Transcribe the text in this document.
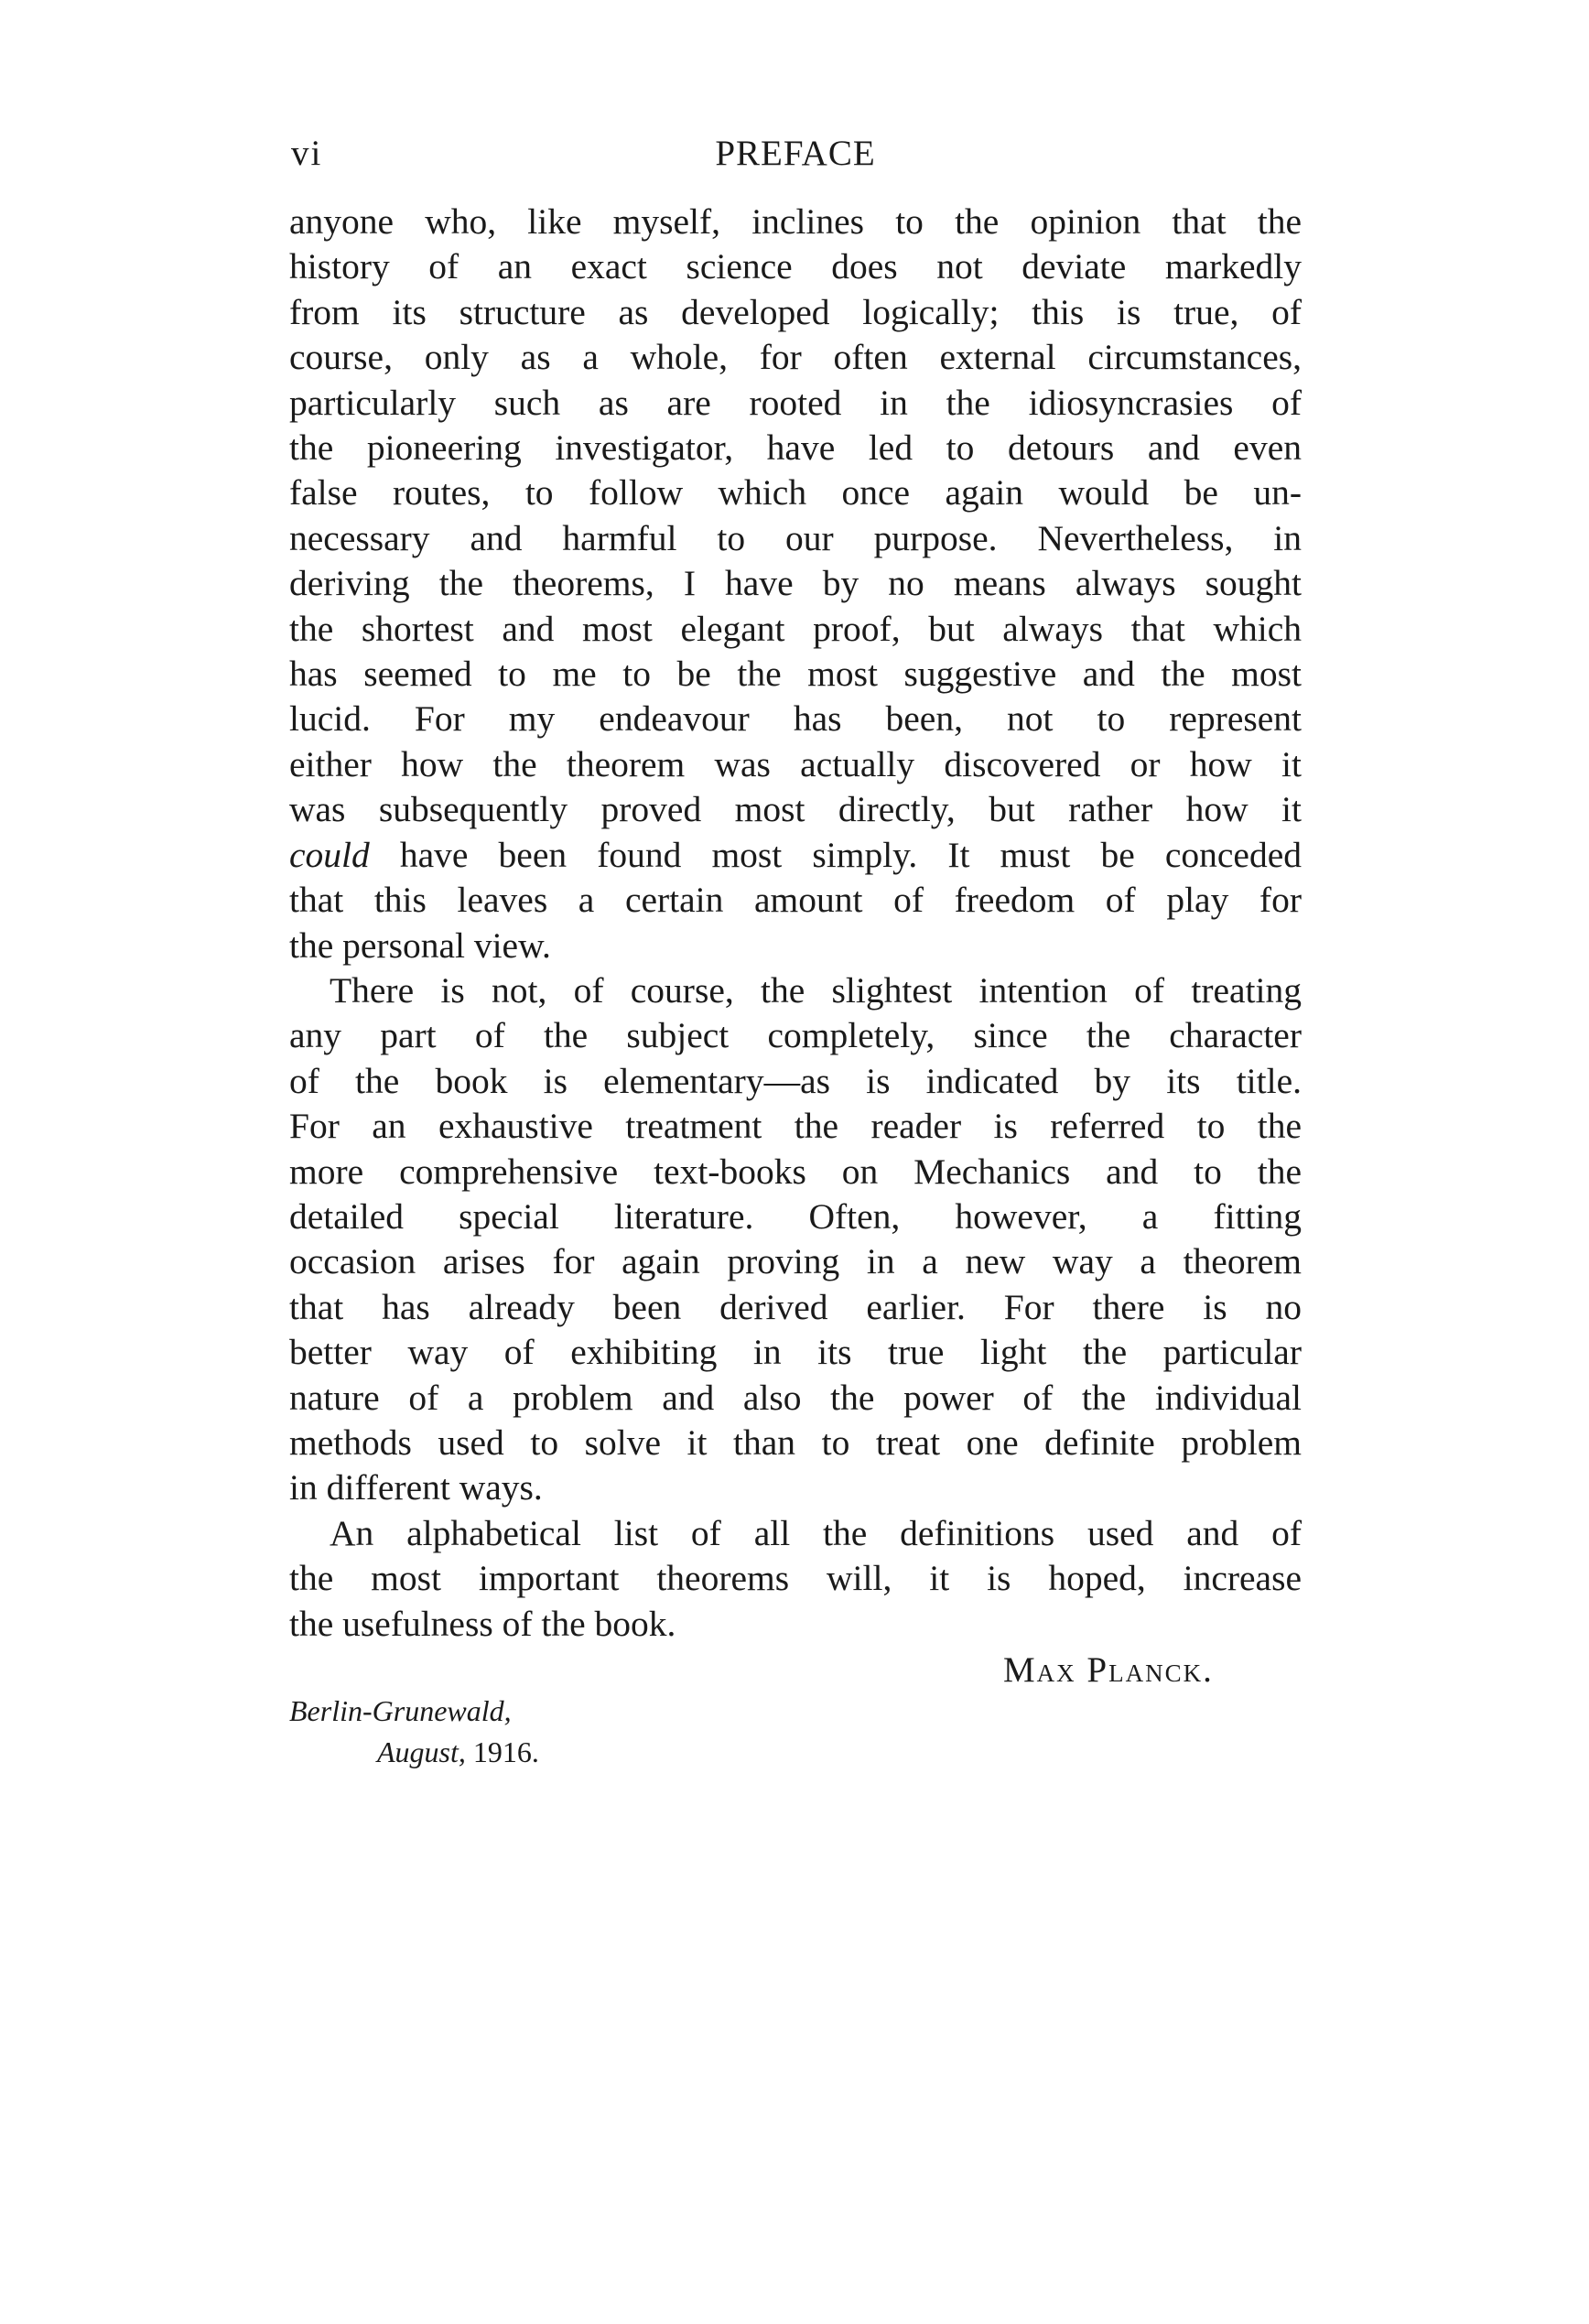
vi	PREFACE

anyone who, like myself, inclines to the opinion that the
history of an exact science does not deviate markedly
from its structure as developed logically; this is true, of
course, only as a whole, for often external circumstances,
particularly such as are rooted in the idiosyncrasies of
the pioneering investigator, have led to detours and even
false routes, to follow which once again would be un-
necessary and harmful to our purpose. Nevertheless, in
deriving the theorems, I have by no means always sought
the shortest and most elegant proof, but always that which
has seemed to me to be the most suggestive and the most
lucid. For my endeavour has been, not to represent
either how the theorem was actually discovered or how it
was subsequently proved most directly, but rather how it
could have been found most simply. It must be conceded
that this leaves a certain amount of freedom of play for
the personal view.

There is not, of course, the slightest intention of treating
any part of the subject completely, since the character
of the book is elementary—as is indicated by its title.
For an exhaustive treatment the reader is referred to the
more comprehensive text-books on Mechanics and to the
detailed special literature. Often, however, a fitting
occasion arises for again proving in a new way a theorem
that has already been derived earlier. For there is no
better way of exhibiting in its true light the particular
nature of a problem and also the power of the individual
methods used to solve it than to treat one definite problem
in different ways.

An alphabetical list of all the definitions used and of
the most important theorems will, it is hoped, increase
the usefulness of the book.

Max Planck.
Berlin-Grunewald,
August, 1916.
